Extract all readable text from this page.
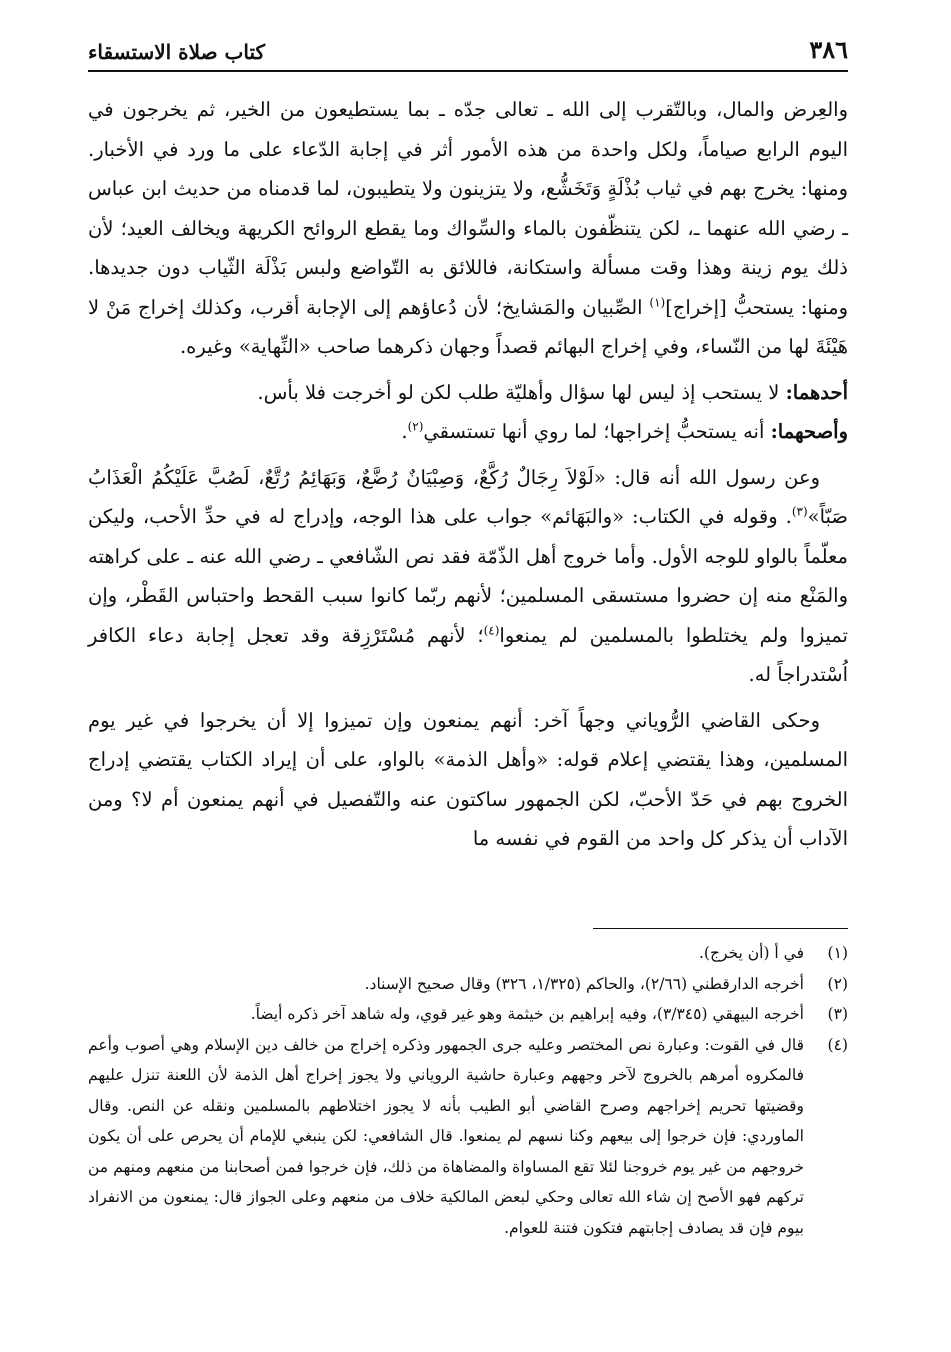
٣٨٦
كتاب صلاة الاستسقاء

والعِرض والمال، وبالتّقرب إلى الله ـ تعالى جدّه ـ بما يستطيعون من الخير، ثم يخرجون في اليوم الرابع صياماً، ولكل واحدة من هذه الأمور أثر في إجابة الدّعاء على ما ورد في الأخبار. ومنها: يخرج بهم في ثياب بُذْلَةٍ وَتَخَشُّع، ولا يتزينون ولا يتطيبون، لما قدمناه من حديث ابن عباس ـ رضي الله عنهما ـ، لكن يتنظّفون بالماء والسِّواك وما يقطع الروائح الكريهة ويخالف العيد؛ لأن ذلك يوم زينة وهذا وقت مسألة واستكانة، فاللائق به التّواضع ولبس بَذْلَة الثّياب دون جديدها. ومنها: يستحبُّ [إخراج]$^{(١)}$ الصِّبيان والمَشايخ؛ لأن دُعاؤهم إلى الإجابة أقرب، وكذلك إخراج مَنْ لا هَيْئَةَ لها من النّساء، وفي إخراج البهائم قصداً وجهان ذكرهما صاحب «النِّهاية» وغيره.

أحدهما: لا يستحب إذ ليس لها سؤال وأهليّة طلب لكن لو أخرجت فلا بأس.

وأصحهما: أنه يستحبُّ إخراجها؛ لما روي أنها تستسقي$^{(٢)}$.

وعن رسول الله أنه قال: «لَوْلاَ رِجَالٌ رُكَّعٌ، وَصِبْيَانٌ رُضَّعٌ، وَبَهَائِمُ رُتَّعٌ، لَصُبَّ عَلَيْكُمُ الْعَذَابُ صَبّاً»$^{(٣)}$. وقوله في الكتاب: «والبَهَائم» جواب على هذا الوجه، وإدراج له في حدِّ الأحب، وليكن معلّماً بالواو للوجه الأول. وأما خروج أهل الذّمّة فقد نص الشّافعي ـ رضي الله عنه ـ على كراهته والمَنْع منه إن حضروا مستسقى المسلمين؛ لأنهم ربّما كانوا سبب القحط واحتباس القَطْر، وإن تميزوا ولم يختلطوا بالمسلمين لم يمنعوا$^{(٤)}$؛ لأنهم مُسْتَرْزِقة وقد تعجل إجابة دعاء الكافر اُسْتدراجاً له.

وحكى القاضي الرُّوياني وجهاً آخر: أنهم يمنعون وإن تميزوا إلا أن يخرجوا في غير يوم المسلمين، وهذا يقتضي إعلام قوله: «وأهل الذمة» بالواو، على أن إيراد الكتاب يقتضي إدراج الخروج بهم في حَدّ الأحبّ، لكن الجمهور ساكتون عنه والتّفصيل في أنهم يمنعون أم لا؟ ومن الآداب أن يذكر كل واحد من القوم في نفسه ما

(١)
في أ (أن يخرج).
(٢)
أخرجه الدارقطني (٢/٦٦)، والحاكم (١/٣٢٥، ٣٢٦) وقال صحيح الإسناد.
(٣)
أخرجه البيهقي (٣/٣٤٥)، وفيه إبراهيم بن خيثمة وهو غير قوي، وله شاهد آخر ذكره أيضاً.
(٤)
قال في القوت: وعبارة نص المختصر وعليه جرى الجمهور وذكره إخراج من خالف دين الإسلام وهي أصوب وأعم فالمكروه أمرهم بالخروج لآخر وجههم وعبارة حاشية الروياني ولا يجوز إخراج أهل الذمة لأن اللعنة تنزل عليهم وقضيتها تحريم إخراجهم وصرح القاضي أبو الطيب بأنه لا يجوز اختلاطهم بالمسلمين ونقله عن النص. وقال الماوردي: فإن خرجوا إلى بيعهم وكنا نسهم لم يمنعوا. قال الشافعي: لكن ينبغي للإمام أن يحرص على أن يكون خروجهم من غير يوم خروجنا لئلا تقع المساواة والمضاهاة من ذلك، فإن خرجوا فمن أصحابنا من منعهم ومنهم من تركهم فهو الأصح إن شاء الله تعالى وحكي لبعض المالكية خلاف من منعهم وعلى الجواز قال: يمنعون من الانفراد بيوم فإن قد يصادف إجابتهم فتكون فتنة للعوام.
